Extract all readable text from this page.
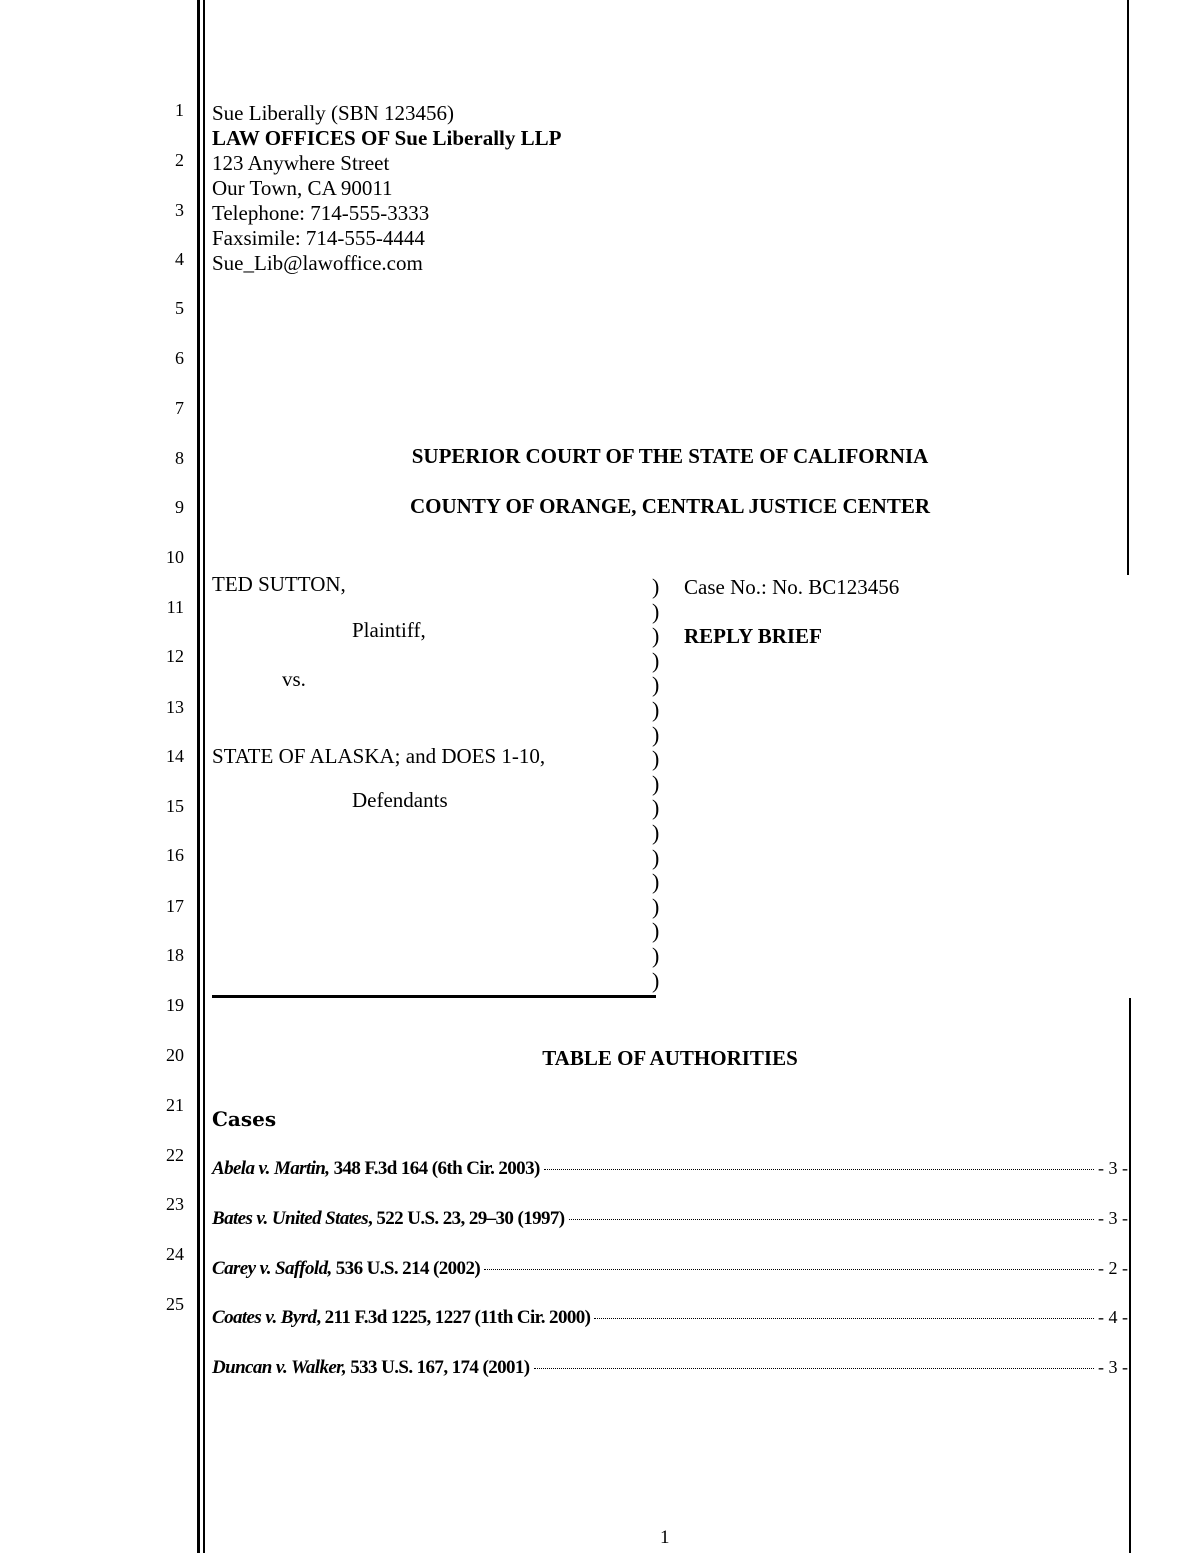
1
2
3
4
5
6
7
8
9
10
11
12
13
14
15
16
17
18
19
20
21
22
23
24
25
Sue Liberally (SBN 123456)
LAW OFFICES OF Sue Liberally LLP
123 Anywhere Street
Our Town, CA 90011
Telephone: 714-555-3333
Faxsimile: 714-555-4444
Sue_Lib@lawoffice.com
SUPERIOR COURT OF THE STATE OF CALIFORNIA
COUNTY OF ORANGE, CENTRAL JUSTICE CENTER
TED SUTTON,
Plaintiff,
vs.
STATE OF ALASKA; and DOES 1-10,
Defendants
)
)
)
)
)
)
)
)
)
)
)
)
)
)
)
)
)
Case No.: No. BC123456
REPLY BRIEF
TABLE OF AUTHORITIES
Cases
Abela v. Martin, 348 F.3d 164 (6th Cir. 2003)	- 3 -
Bates v. United States, 522 U.S. 23, 29–30 (1997)	- 3 -
Carey v. Saffold, 536 U.S. 214 (2002)	- 2 -
Coates v. Byrd, 211 F.3d 1225, 1227 (11th Cir. 2000)	- 4 -
Duncan v. Walker, 533 U.S. 167, 174 (2001)	- 3 -
1
